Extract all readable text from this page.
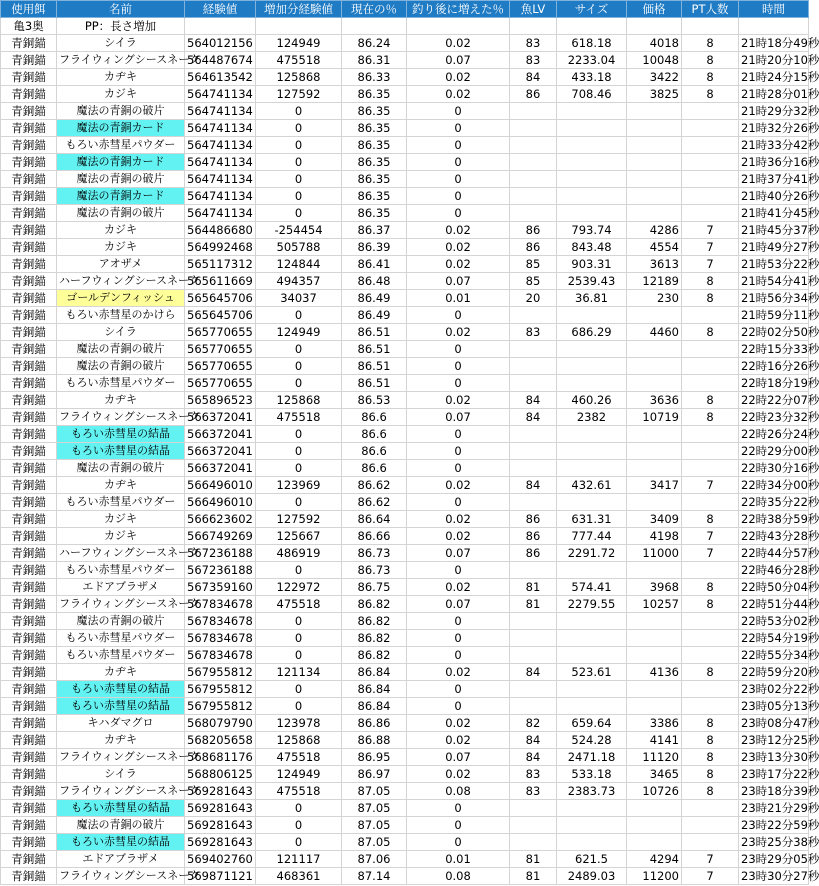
使用餌	名前	経験値	増加分経験値	現在の％	釣り後に増えた％	魚LV	サイズ	価格	PT人数	時間
亀3奥	PP：長さ増加									
青銅錨	シイラ	564012156	124949	86.24	0.02	83	618.18	4018	8	21時18分49秒
青銅錨	フライウィングシースネーク	564487674	475518	86.31	0.07	83	2233.04	10048	8	21時20分10秒
青銅錨	カヂキ	564613542	125868	86.33	0.02	84	433.18	3422	8	21時24分15秒
青銅錨	カジキ	564741134	127592	86.35	0.02	86	708.46	3825	8	21時28分01秒
青銅錨	魔法の青銅の破片	564741134	0	86.35	0					21時29分32秒
青銅錨	魔法の青銅カード	564741134	0	86.35	0					21時32分26秒
青銅錨	もろい赤彗星パウダー	564741134	0	86.35	0					21時33分42秒
青銅錨	魔法の青銅カード	564741134	0	86.35	0					21時36分16秒
青銅錨	魔法の青銅の破片	564741134	0	86.35	0					21時37分41秒
青銅錨	魔法の青銅カード	564741134	0	86.35	0					21時40分26秒
青銅錨	魔法の青銅の破片	564741134	0	86.35	0					21時41分45秒
青銅錨	カジキ	564486680	-254454	86.37	0.02	86	793.74	4286	7	21時45分37秒
青銅錨	カジキ	564992468	505788	86.39	0.02	86	843.48	4554	7	21時49分27秒
青銅錨	アオザメ	565117312	124844	86.41	0.02	85	903.31	3613	7	21時53分22秒
青銅錨	ハーフウィングシースネーク	565611669	494357	86.48	0.07	85	2539.43	12189	8	21時54分41秒
青銅錨	ゴールデンフィッシュ	565645706	34037	86.49	0.01	20	36.81	230	8	21時56分34秒
青銅錨	もろい赤彗星のかけら	565645706	0	86.49	0					21時59分11秒
青銅錨	シイラ	565770655	124949	86.51	0.02	83	686.29	4460	8	22時02分50秒
青銅錨	魔法の青銅の破片	565770655	0	86.51	0					22時15分33秒
青銅錨	魔法の青銅の破片	565770655	0	86.51	0					22時16分26秒
青銅錨	もろい赤彗星パウダー	565770655	0	86.51	0					22時18分19秒
青銅錨	カヂキ	565896523	125868	86.53	0.02	84	460.26	3636	8	22時22分07秒
青銅錨	フライウィングシースネーク	566372041	475518	86.6	0.07	84	2382	10719	8	22時23分32秒
青銅錨	もろい赤彗星の結晶	566372041	0	86.6	0					22時26分24秒
青銅錨	もろい赤彗星の結晶	566372041	0	86.6	0					22時29分00秒
青銅錨	魔法の青銅の破片	566372041	0	86.6	0					22時30分16秒
青銅錨	カヂキ	566496010	123969	86.62	0.02	84	432.61	3417	7	22時34分00秒
青銅錨	もろい赤彗星パウダー	566496010	0	86.62	0					22時35分22秒
青銅錨	カジキ	566623602	127592	86.64	0.02	86	631.31	3409	8	22時38分59秒
青銅錨	カジキ	566749269	125667	86.66	0.02	86	777.44	4198	7	22時43分28秒
青銅錨	ハーフウィングシースネーク	567236188	486919	86.73	0.07	86	2291.72	11000	7	22時44分57秒
青銅錨	もろい赤彗星パウダー	567236188	0	86.73	0					22時46分28秒
青銅錨	エドアブラザメ	567359160	122972	86.75	0.02	81	574.41	3968	8	22時50分04秒
青銅錨	フライウィングシースネーク	567834678	475518	86.82	0.07	81	2279.55	10257	8	22時51分44秒
青銅錨	魔法の青銅の破片	567834678	0	86.82	0					22時53分02秒
青銅錨	もろい赤彗星パウダー	567834678	0	86.82	0					22時54分19秒
青銅錨	もろい赤彗星パウダー	567834678	0	86.82	0					22時55分34秒
青銅錨	カヂキ	567955812	121134	86.84	0.02	84	523.61	4136	8	22時59分20秒
青銅錨	もろい赤彗星の結晶	567955812	0	86.84	0					23時02分22秒
青銅錨	もろい赤彗星の結晶	567955812	0	86.84	0					23時05分13秒
青銅錨	キハダマグロ	568079790	123978	86.86	0.02	82	659.64	3386	8	23時08分47秒
青銅錨	カヂキ	568205658	125868	86.88	0.02	84	524.28	4141	8	23時12分25秒
青銅錨	フライウィングシースネーク	568681176	475518	86.95	0.07	84	2471.18	11120	8	23時13分30秒
青銅錨	シイラ	568806125	124949	86.97	0.02	83	533.18	3465	8	23時17分22秒
青銅錨	フライウィングシースネーク	569281643	475518	87.05	0.08	83	2383.73	10726	8	23時18分39秒
青銅錨	もろい赤彗星の結晶	569281643	0	87.05	0					23時21分29秒
青銅錨	魔法の青銅の破片	569281643	0	87.05	0					23時22分59秒
青銅錨	もろい赤彗星の結晶	569281643	0	87.05	0					23時25分38秒
青銅錨	エドアブラザメ	569402760	121117	87.06	0.01	81	621.5	4294	7	23時29分05秒
青銅錨	フライウィングシースネーク	569871121	468361	87.14	0.08	81	2489.03	11200	7	23時30分27秒
